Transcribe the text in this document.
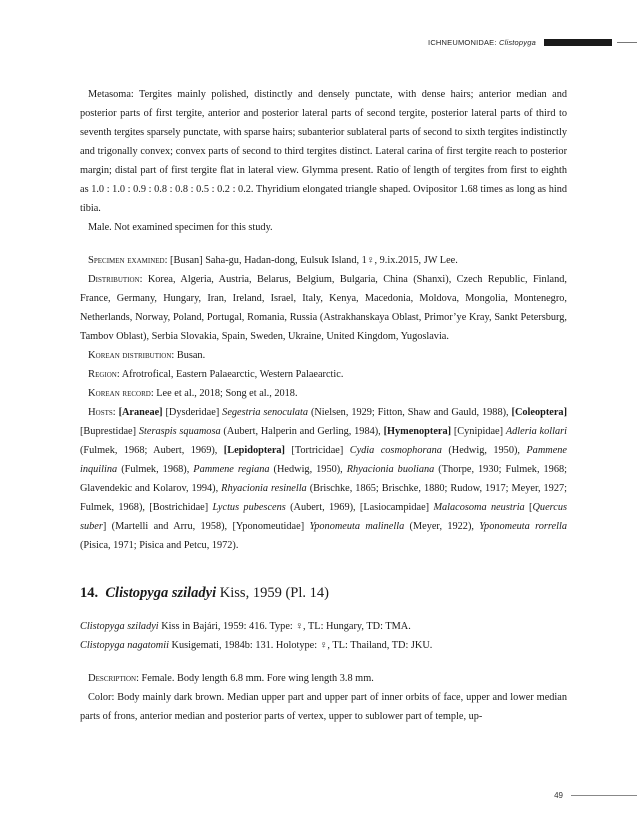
ICHNEUMONIDAE: Clistopyga

Metasoma: Tergites mainly polished, distinctly and densely punctate, with dense hairs; anterior median and posterior parts of first tergite, anterior and posterior lateral parts of second tergite, posterior lateral parts of third to seventh tergites sparsely punctate, with sparse hairs; subanterior sublateral parts of second to sixth tergites indistinctly and trigonally convex; convex parts of second to third tergites distinct. Lateral carina of first tergite reach to posterior margin; distal part of first tergite flat in lateral view. Glymma present. Ratio of length of tergites from first to eighth as 1.0 : 1.0 : 0.9 : 0.8 : 0.8 : 0.5 : 0.2 : 0.2. Thyridium elongated triangle shaped. Ovipositor 1.68 times as long as hind tibia.

Male. Not examined specimen for this study.

Specimen examined: [Busan] Saha-gu, Hadan-dong, Eulsuk Island, 1♀, 9.ix.2015, JW Lee.

Distribution: Korea, Algeria, Austria, Belarus, Belgium, Bulgaria, China (Shanxi), Czech Republic, Finland, France, Germany, Hungary, Iran, Ireland, Israel, Italy, Kenya, Macedonia, Moldova, Mongolia, Montenegro, Netherlands, Norway, Poland, Portugal, Romania, Russia (Astrakhanskaya Oblast, Primor’ye Kray, Sankt Petersburg, Tambov Oblast), Serbia Slovakia, Spain, Sweden, Ukraine, United Kingdom, Yugoslavia.

Korean distribution: Busan.

Region: Afrotrofical, Eastern Palaearctic, Western Palaearctic.

Korean record: Lee et al., 2018; Song et al., 2018.

Hosts: [Araneae] [Dysderidae] Segestria senoculata (Nielsen, 1929; Fitton, Shaw and Gauld, 1988), [Coleoptera] [Buprestidae] Steraspis squamosa (Aubert, Halperin and Gerling, 1984), [Hymenoptera] [Cynipidae] Adleria kollari (Fulmek, 1968; Aubert, 1969), [Lepidoptera] [Tortricidae] Cydia cosmophorana (Hedwig, 1950), Pammene inquilina (Fulmek, 1968), Pammene regiana (Hedwig, 1950), Rhyacionia buoliana (Thorpe, 1930; Fulmek, 1968; Glavendekic and Kolarov, 1994), Rhyacionia resinella (Brischke, 1865; Brischke, 1880; Rudow, 1917; Meyer, 1927; Fulmek, 1968), [Bostrichidae] Lyctus pubescens (Aubert, 1969), [Lasiocampidae] Malacosoma neustria [Quercus suber] (Martelli and Arru, 1958), [Yponomeutidae] Yponomeuta malinella (Meyer, 1922), Yponomeuta rorrella (Pisica, 1971; Pisica and Petcu, 1972).

14. Clistopyga sziladyi Kiss, 1959 (Pl. 14)

Clistopyga sziladyi Kiss in Bajári, 1959: 416. Type: ♀, TL: Hungary, TD: TMA.

Clistopyga nagatomii Kusigemati, 1984b: 131. Holotype: ♀, TL: Thailand, TD: JKU.

Description: Female. Body length 6.8 mm. Fore wing length 3.8 mm.

Color: Body mainly dark brown. Median upper part and upper part of inner orbits of face, upper and lower median parts of frons, anterior median and posterior parts of vertex, upper to sublower part of temple, up-

49
